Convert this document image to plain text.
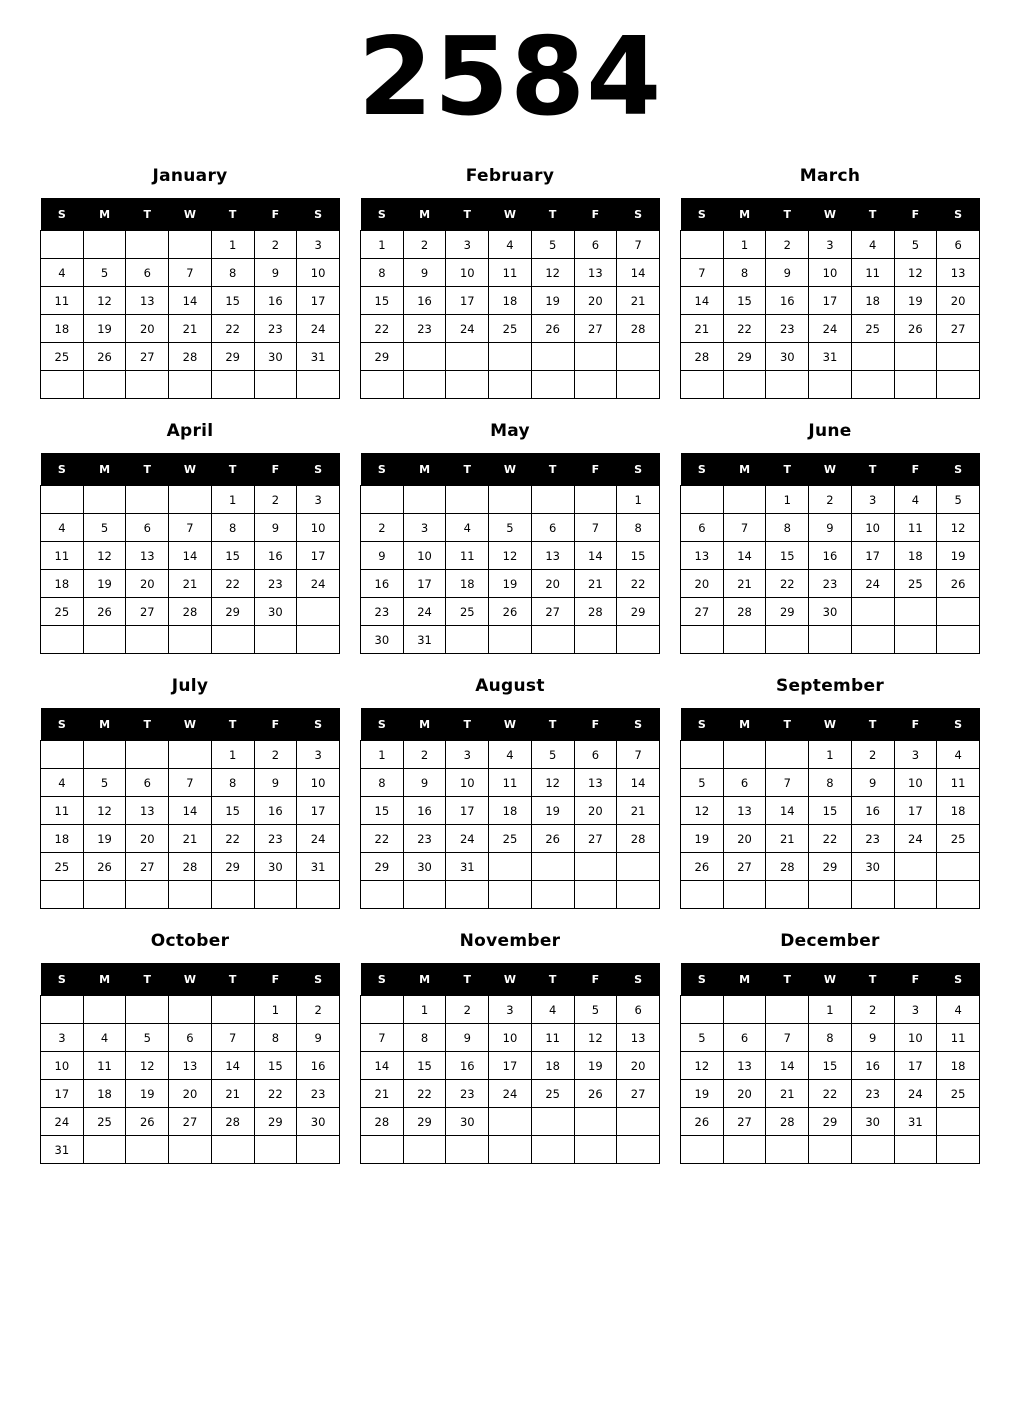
2584
January
S	M	T	W	T	F	S
				1	2	3
4	5	6	7	8	9	10
11	12	13	14	15	16	17
18	19	20	21	22	23	24
25	26	27	28	29	30	31

February
S	M	T	W	T	F	S
1	2	3	4	5	6	7
8	9	10	11	12	13	14
15	16	17	18	19	20	21
22	23	24	25	26	27	28
29						

March
S	M	T	W	T	F	S
	1	2	3	4	5	6
7	8	9	10	11	12	13
14	15	16	17	18	19	20
21	22	23	24	25	26	27
28	29	30	31			

April
S	M	T	W	T	F	S
				1	2	3
4	5	6	7	8	9	10
11	12	13	14	15	16	17
18	19	20	21	22	23	24
25	26	27	28	29	30	

May
S	M	T	W	T	F	S
						1
2	3	4	5	6	7	8
9	10	11	12	13	14	15
16	17	18	19	20	21	22
23	24	25	26	27	28	29
30	31					
June
S	M	T	W	T	F	S
		1	2	3	4	5
6	7	8	9	10	11	12
13	14	15	16	17	18	19
20	21	22	23	24	25	26
27	28	29	30			

July
S	M	T	W	T	F	S
				1	2	3
4	5	6	7	8	9	10
11	12	13	14	15	16	17
18	19	20	21	22	23	24
25	26	27	28	29	30	31

August
S	M	T	W	T	F	S
1	2	3	4	5	6	7
8	9	10	11	12	13	14
15	16	17	18	19	20	21
22	23	24	25	26	27	28
29	30	31				

September
S	M	T	W	T	F	S
			1	2	3	4
5	6	7	8	9	10	11
12	13	14	15	16	17	18
19	20	21	22	23	24	25
26	27	28	29	30		

October
S	M	T	W	T	F	S
					1	2
3	4	5	6	7	8	9
10	11	12	13	14	15	16
17	18	19	20	21	22	23
24	25	26	27	28	29	30
31						
November
S	M	T	W	T	F	S
	1	2	3	4	5	6
7	8	9	10	11	12	13
14	15	16	17	18	19	20
21	22	23	24	25	26	27
28	29	30				

December
S	M	T	W	T	F	S
			1	2	3	4
5	6	7	8	9	10	11
12	13	14	15	16	17	18
19	20	21	22	23	24	25
26	27	28	29	30	31	
